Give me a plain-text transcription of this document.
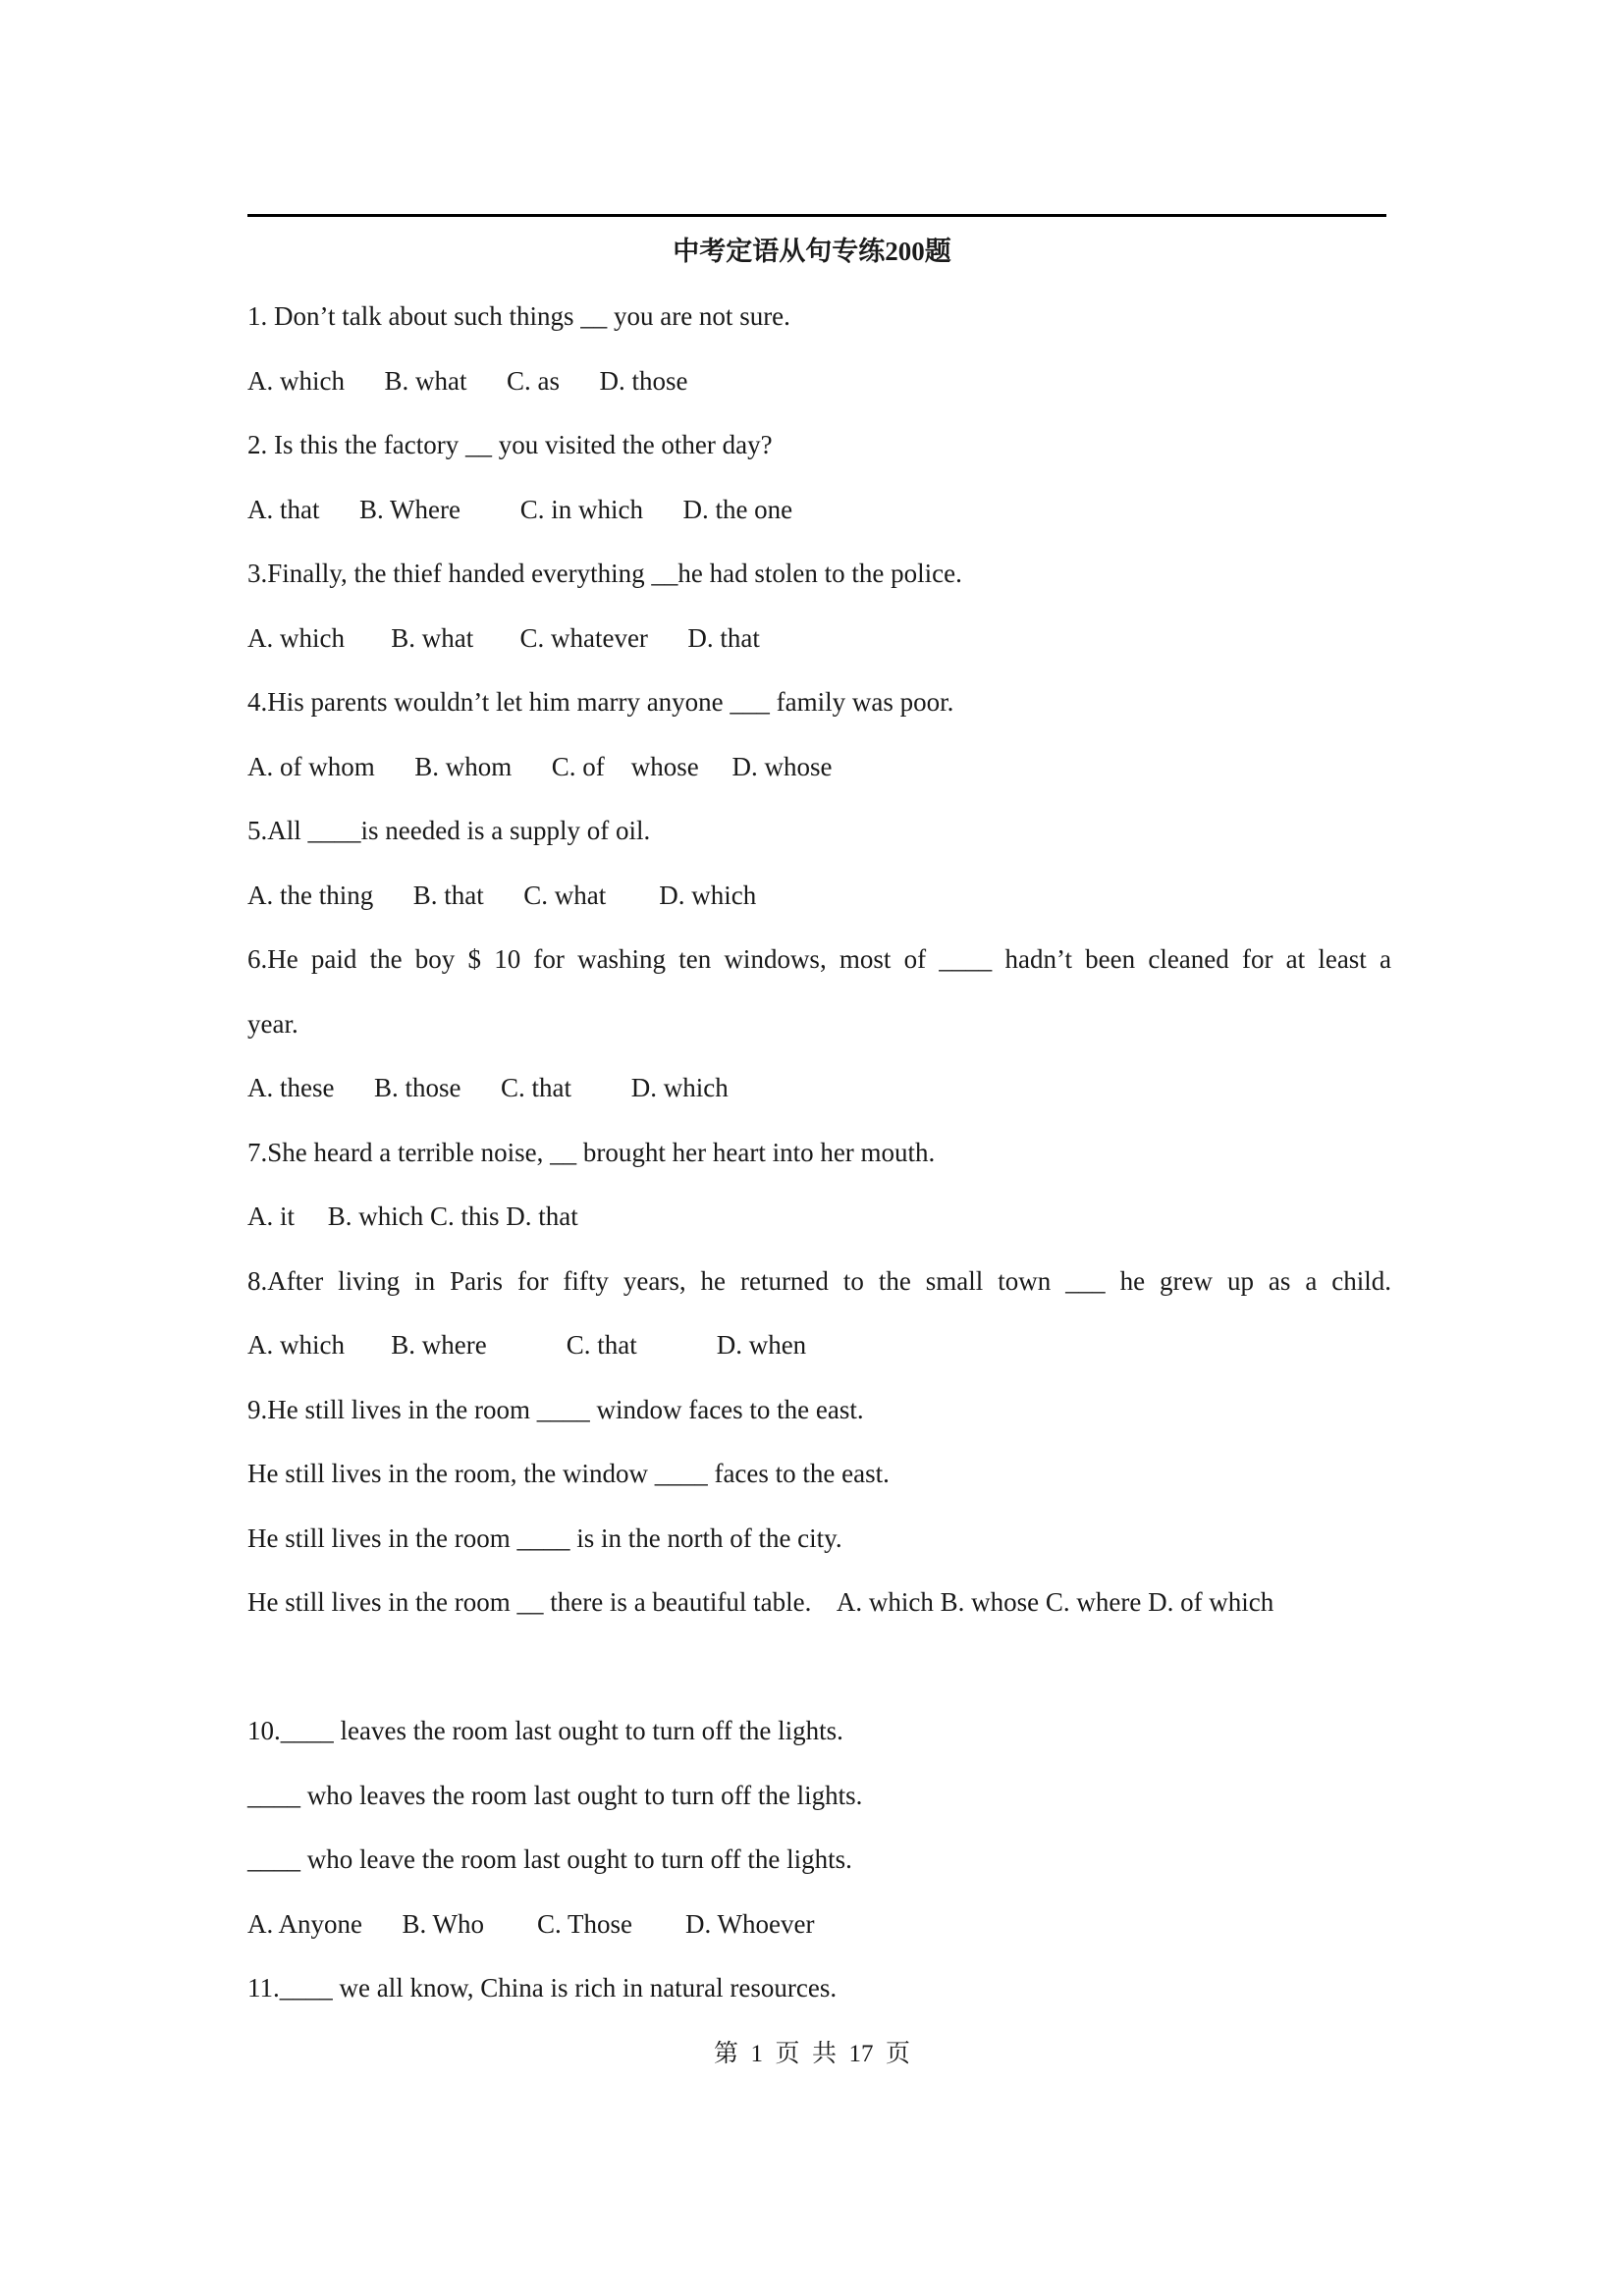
中考定语从句专练200题
1. Don’t talk about such things __ you are not sure.
A. which      B. what      C. as      D. those
2. Is this the factory __ you visited the other day?
A. that      B. Where         C. in which      D. the one
3.Finally, the thief handed everything __he had stolen to the police.
A. which       B. what       C. whatever      D. that
4.His parents wouldn’t let him marry anyone ___ family was poor.
A. of whom      B. whom      C. of    whose     D. whose
5.All ____is needed is a supply of oil.
A. the thing      B. that      C. what        D. which
6.He paid the boy $ 10 for washing ten windows, most of ____ hadn’t been cleaned for at least a
year.
A. these      B. those      C. that         D. which
7.She heard a terrible noise, __ brought her heart into her mouth.
A. it     B. which C. this D. that
8.After living in Paris for fifty years, he returned to the small town ___ he grew up as a child.
A. which       B. where            C. that            D. when
9.He still lives in the room ____ window faces to the east.
He still lives in the room, the window ____ faces to the east.
He still lives in the room ____ is in the north of the city.
He still lives in the room __ there is a beautiful table.    A. which B. whose C. where D. of which
10.____ leaves the room last ought to turn off the lights.
____ who leaves the room last ought to turn off the lights.
____ who leave the room last ought to turn off the lights.
A. Anyone      B. Who        C. Those        D. Whoever
11.____ we all know, China is rich in natural resources.
第  1  页  共  17  页
